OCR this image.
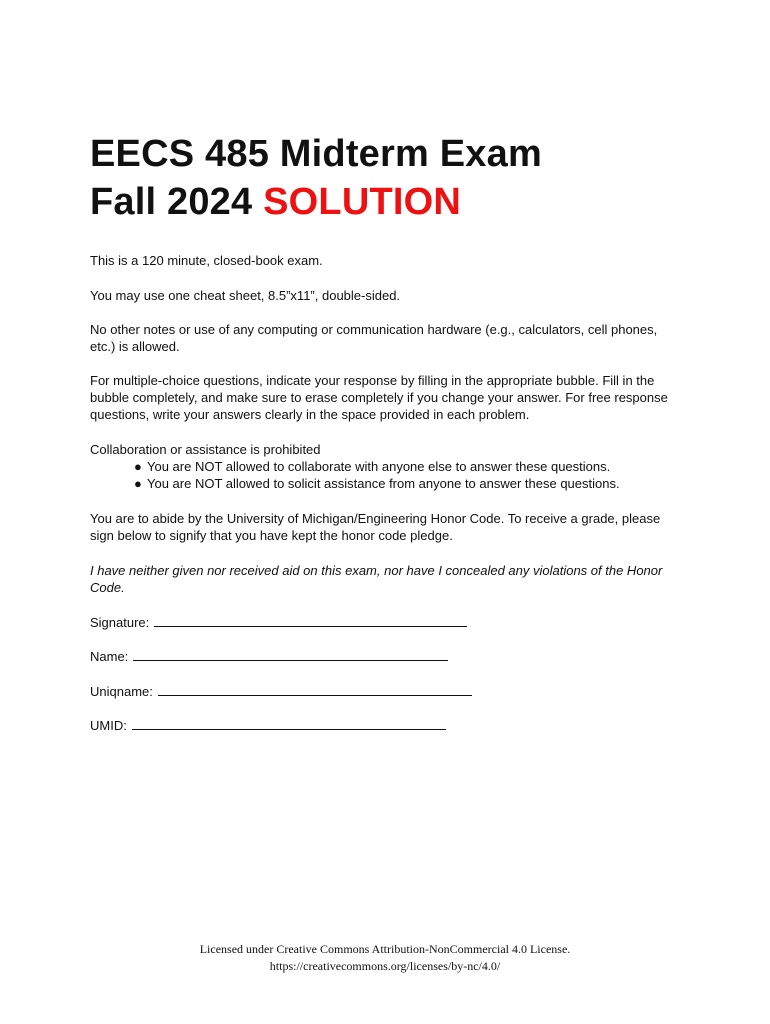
EECS 485 Midterm Exam
Fall 2024 SOLUTION

This is a 120 minute, closed-book exam.

You may use one cheat sheet, 8.5”x11”, double-sided.

No other notes or use of any computing or communication hardware (e.g., calculators, cell phones, etc.) is allowed.

For multiple-choice questions, indicate your response by filling in the appropriate bubble. Fill in the bubble completely, and make sure to erase completely if you change your answer. For free response questions, write your answers clearly in the space provided in each problem.

Collaboration or assistance is prohibited

● You are NOT allowed to collaborate with anyone else to answer these questions.
● You are NOT allowed to solicit assistance from anyone to answer these questions.

You are to abide by the University of Michigan/Engineering Honor Code. To receive a grade, please sign below to signify that you have kept the honor code pledge.

I have neither given nor received aid on this exam, nor have I concealed any violations of the Honor Code.

Signature:
Name:
Uniqname:
UMID:
Licensed under Creative Commons Attribution-NonCommercial 4.0 License.
https://creativecommons.org/licenses/by-nc/4.0/
